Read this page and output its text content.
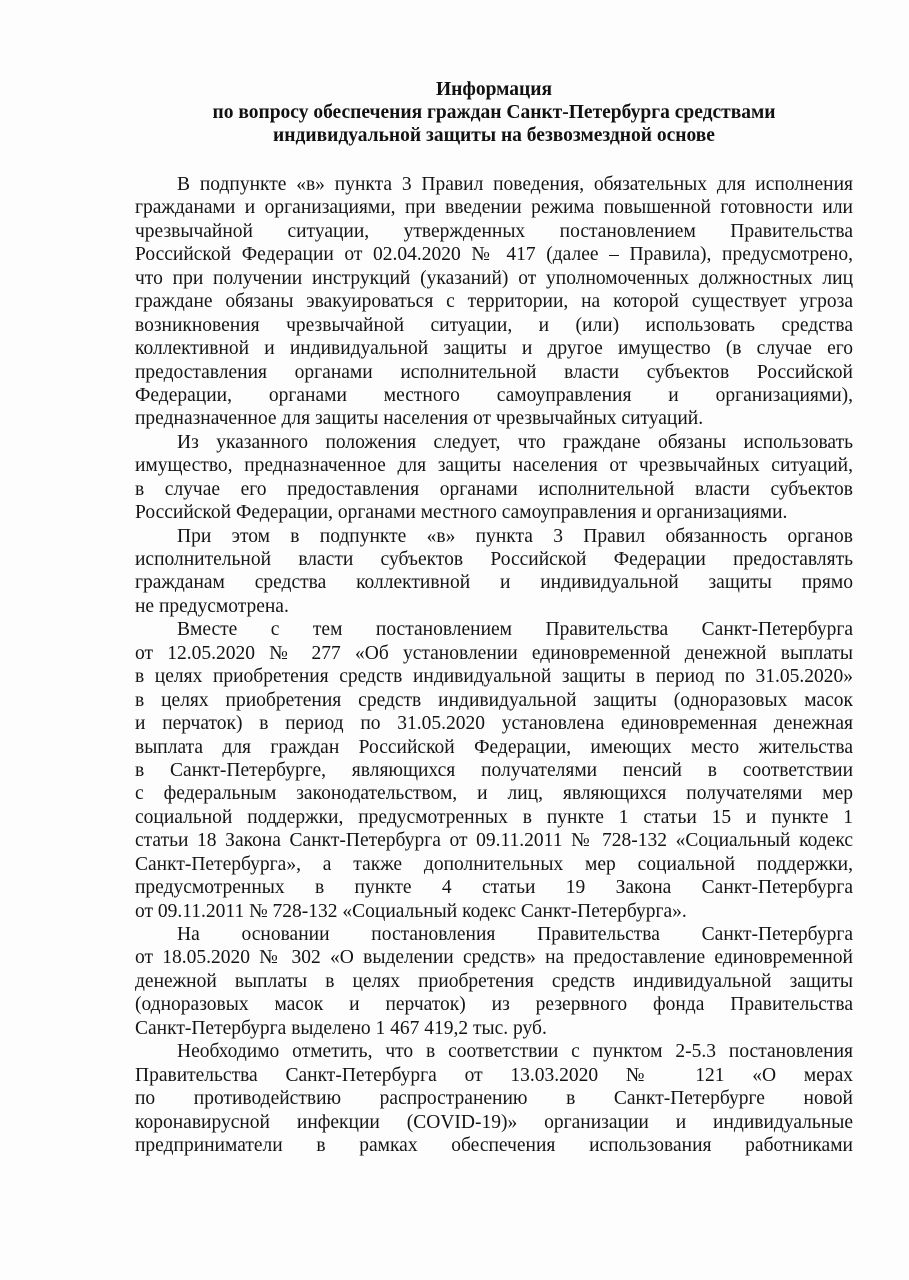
Информация
по вопросу обеспечения граждан Санкт-Петербурга средствами
индивидуальной защиты на безвозмездной основе
В подпункте «в» пункта 3 Правил поведения, обязательных для исполнения
гражданами и организациями, при введении режима повышенной готовности или
чрезвычайной ситуации, утвержденных постановлением Правительства
Российской Федерации от 02.04.2020 № 417 (далее – Правила), предусмотрено,
что при получении инструкций (указаний) от уполномоченных должностных лиц
граждане обязаны эвакуироваться с территории, на которой существует угроза
возникновения чрезвычайной ситуации, и (или) использовать средства
коллективной и индивидуальной защиты и другое имущество (в случае его
предоставления органами исполнительной власти субъектов Российской
Федерации, органами местного самоуправления и организациями),
предназначенное для защиты населения от чрезвычайных ситуаций.
Из указанного положения следует, что граждане обязаны использовать
имущество, предназначенное для защиты населения от чрезвычайных ситуаций,
в случае его предоставления органами исполнительной власти субъектов
Российской Федерации, органами местного самоуправления и организациями.
При этом в подпункте «в» пункта 3 Правил обязанность органов
исполнительной власти субъектов Российской Федерации предоставлять
гражданам средства коллективной и индивидуальной защиты прямо
не предусмотрена.
Вместе с тем постановлением Правительства Санкт-Петербурга
от 12.05.2020 № 277 «Об установлении единовременной денежной выплаты
в целях приобретения средств индивидуальной защиты в период по 31.05.2020»
в целях приобретения средств индивидуальной защиты (одноразовых масок
и перчаток) в период по 31.05.2020 установлена единовременная денежная
выплата для граждан Российской Федерации, имеющих место жительства
в Санкт-Петербурге, являющихся получателями пенсий в соответствии
с федеральным законодательством, и лиц, являющихся получателями мер
социальной поддержки, предусмотренных в пункте 1 статьи 15 и пункте 1
статьи 18 Закона Санкт-Петербурга от 09.11.2011 № 728-132 «Социальный кодекс
Санкт-Петербурга», а также дополнительных мер социальной поддержки,
предусмотренных в пункте 4 статьи 19 Закона Санкт-Петербурга
от 09.11.2011 № 728-132 «Социальный кодекс Санкт-Петербурга».
На основании постановления Правительства Санкт-Петербурга
от 18.05.2020 № 302 «О выделении средств» на предоставление единовременной
денежной выплаты в целях приобретения средств индивидуальной защиты
(одноразовых масок и перчаток) из резервного фонда Правительства
Санкт-Петербурга выделено 1 467 419,2 тыс. руб.
Необходимо отметить, что в соответствии с пунктом 2-5.3 постановления
Правительства Санкт-Петербурга от 13.03.2020 № 121 «О мерах
по противодействию распространению в Санкт-Петербурге новой
коронавирусной инфекции (COVID-19)» организации и индивидуальные
предприниматели в рамках обеспечения использования работниками
